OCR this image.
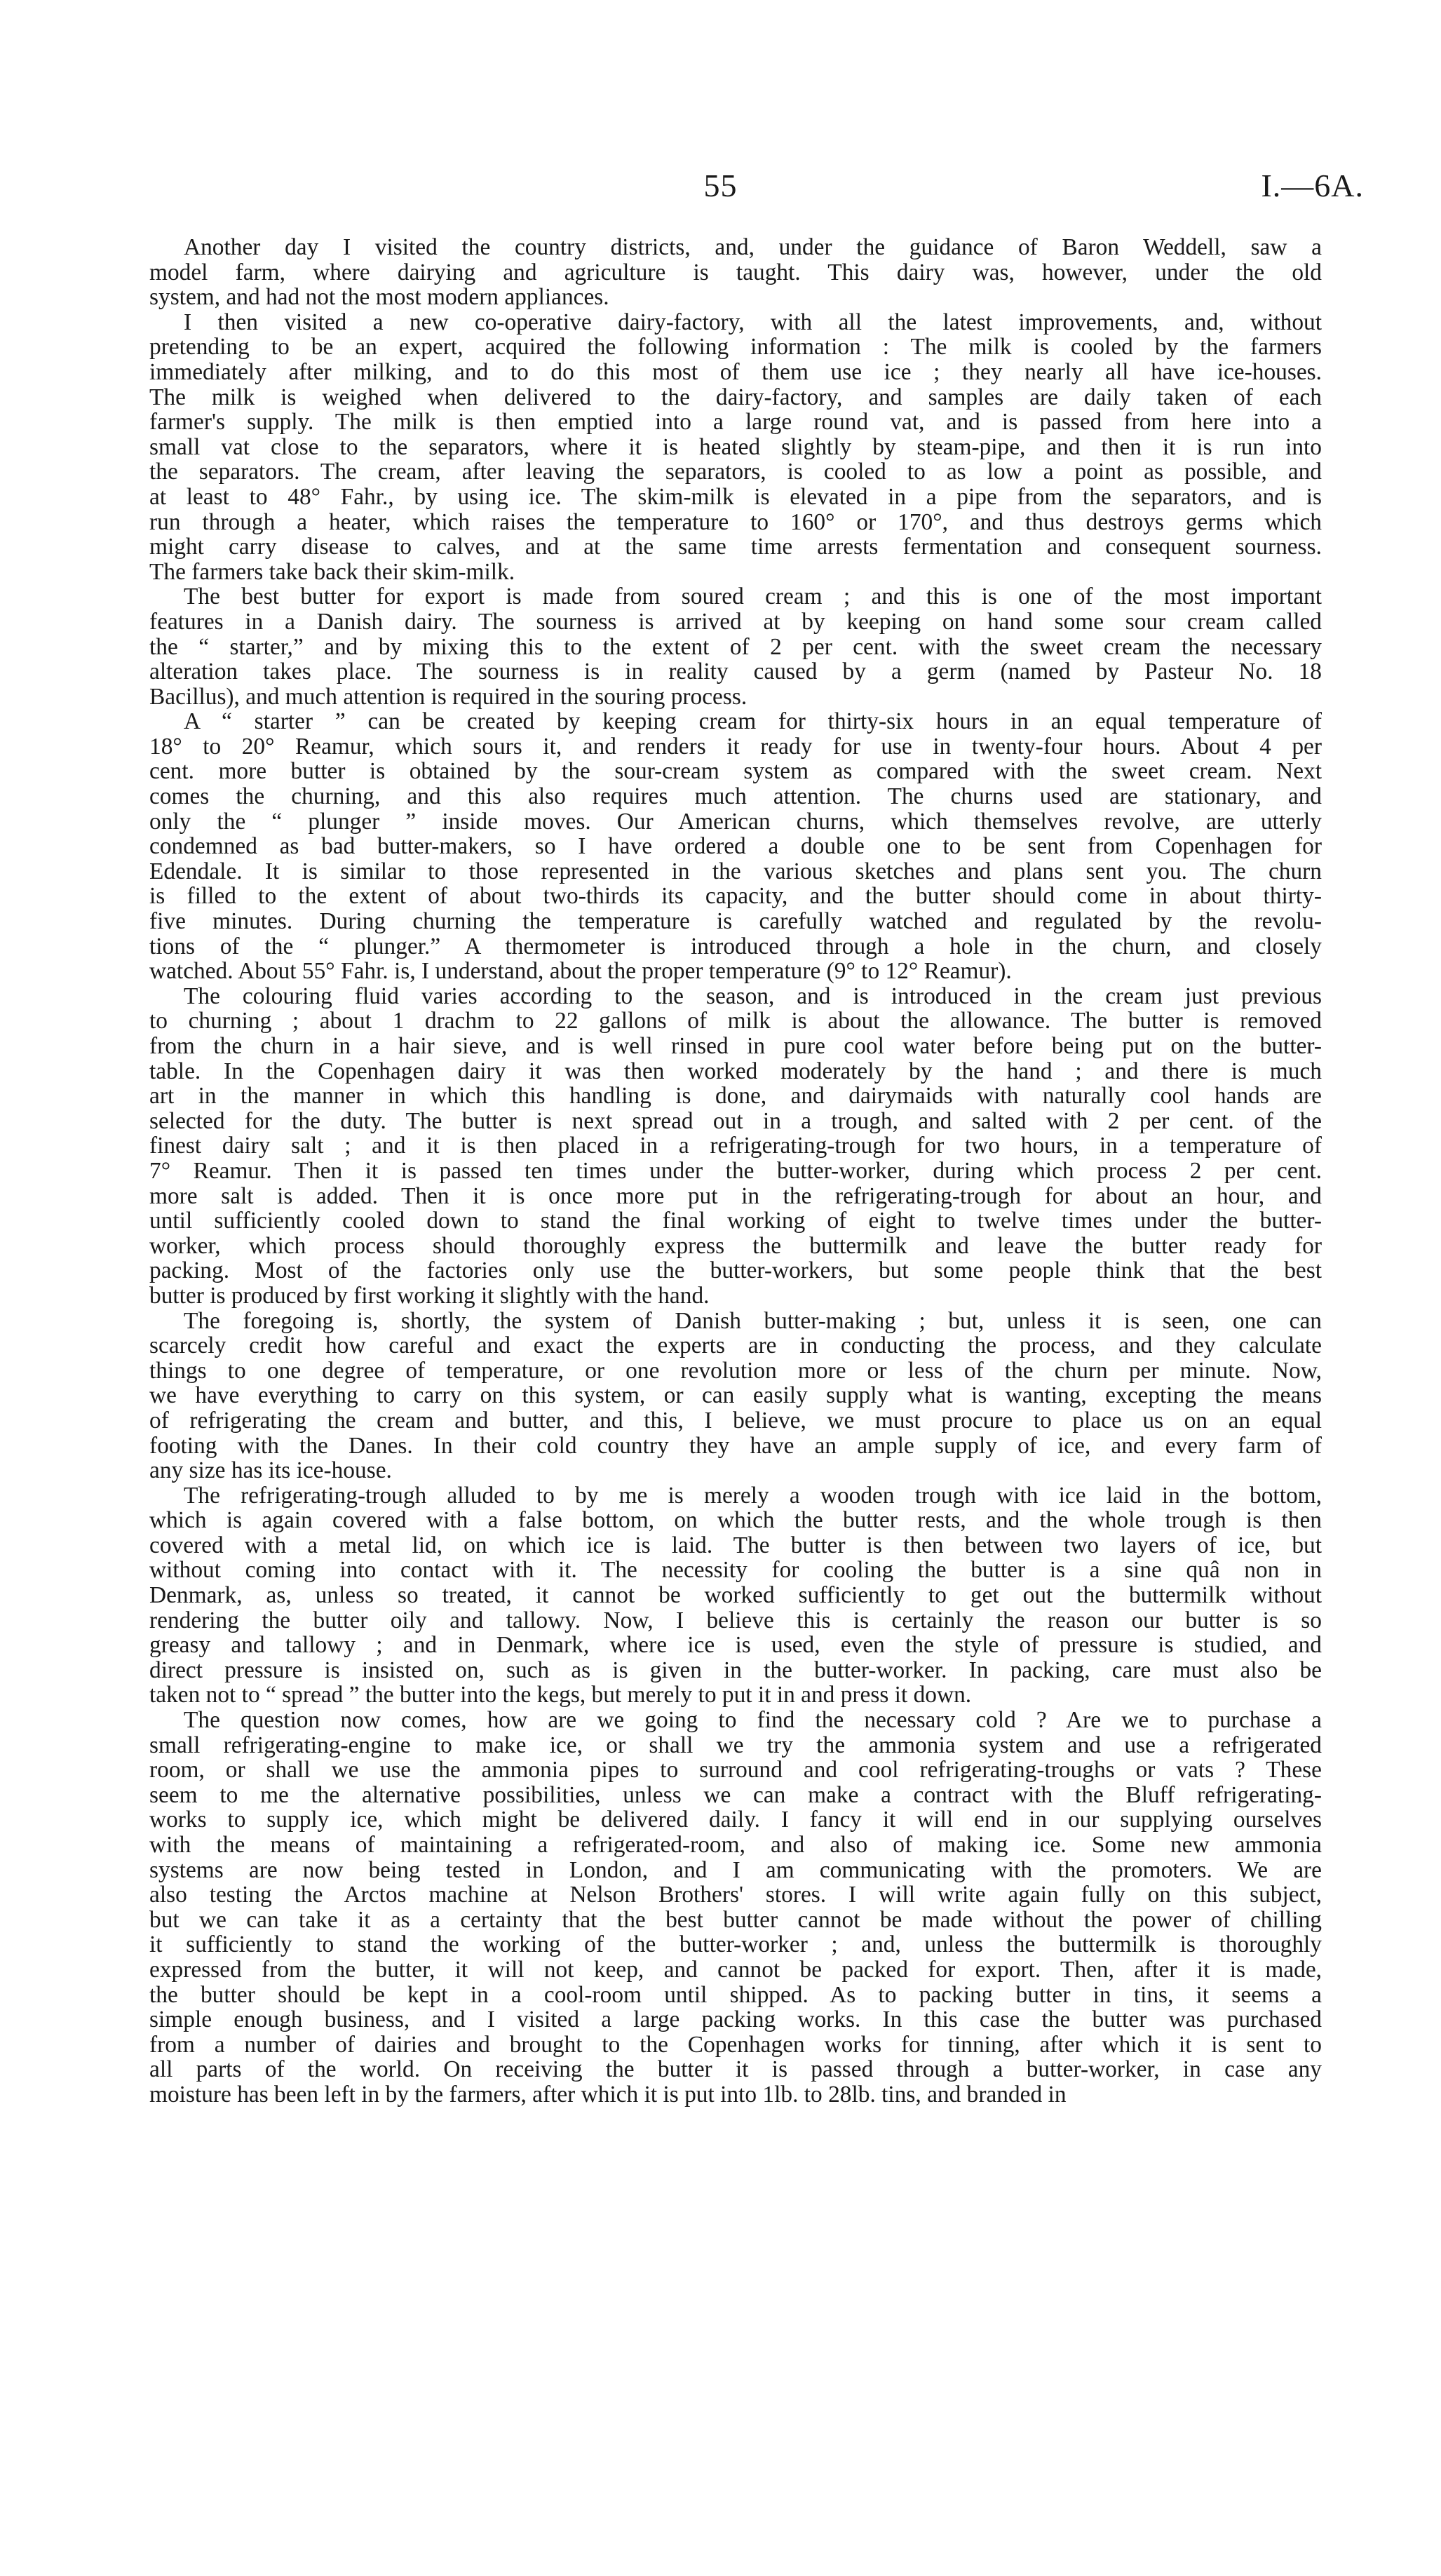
55	I.—6A.

Another day I visited the country districts, and, under the guidance of Baron Weddell, saw a
model farm, where dairying and agriculture is taught. This dairy was, however, under the old
system, and had not the most modern appliances.

I then visited a new co-operative dairy-factory, with all the latest improvements, and, without
pretending to be an expert, acquired the following information : The milk is cooled by the farmers
immediately after milking, and to do this most of them use ice ; they nearly all have ice-houses.
The milk is weighed when delivered to the dairy-factory, and samples are daily taken of each
farmer's supply. The milk is then emptied into a large round vat, and is passed from here into a
small vat close to the separators, where it is heated slightly by steam-pipe, and then it is run into
the separators. The cream, after leaving the separators, is cooled to as low a point as possible, and
at least to 48° Fahr., by using ice. The skim-milk is elevated in a pipe from the separators, and is
run through a heater, which raises the temperature to 160° or 170°, and thus destroys germs which
might carry disease to calves, and at the same time arrests fermentation and consequent sourness.
The farmers take back their skim-milk.

The best butter for export is made from soured cream ; and this is one of the most important
features in a Danish dairy. The sourness is arrived at by keeping on hand some sour cream called
the “ starter,” and by mixing this to the extent of 2 per cent. with the sweet cream the necessary
alteration takes place. The sourness is in reality caused by a germ (named by Pasteur No. 18
Bacillus), and much attention is required in the souring process.

A “ starter ” can be created by keeping cream for thirty-six hours in an equal temperature of
18° to 20° Reamur, which sours it, and renders it ready for use in twenty-four hours. About 4 per
cent. more butter is obtained by the sour-cream system as compared with the sweet cream. Next
comes the churning, and this also requires much attention. The churns used are stationary, and
only the “ plunger ” inside moves. Our American churns, which themselves revolve, are utterly
condemned as bad butter-makers, so I have ordered a double one to be sent from Copenhagen for
Edendale. It is similar to those represented in the various sketches and plans sent you. The churn
is filled to the extent of about two-thirds its capacity, and the butter should come in about thirty-
five minutes. During churning the temperature is carefully watched and regulated by the revolu-
tions of the “ plunger.” A thermometer is introduced through a hole in the churn, and closely
watched. About 55° Fahr. is, I understand, about the proper temperature (9° to 12° Reamur).

The colouring fluid varies according to the season, and is introduced in the cream just previous
to churning ; about 1 drachm to 22 gallons of milk is about the allowance. The butter is removed
from the churn in a hair sieve, and is well rinsed in pure cool water before being put on the butter-
table. In the Copenhagen dairy it was then worked moderately by the hand ; and there is much
art in the manner in which this handling is done, and dairymaids with naturally cool hands are
selected for the duty. The butter is next spread out in a trough, and salted with 2 per cent. of the
finest dairy salt ; and it is then placed in a refrigerating-trough for two hours, in a temperature of
7° Reamur. Then it is passed ten times under the butter-worker, during which process 2 per cent.
more salt is added. Then it is once more put in the refrigerating-trough for about an hour, and
until sufficiently cooled down to stand the final working of eight to twelve times under the butter-
worker, which process should thoroughly express the buttermilk and leave the butter ready for
packing. Most of the factories only use the butter-workers, but some people think that the best
butter is produced by first working it slightly with the hand.

The foregoing is, shortly, the system of Danish butter-making ; but, unless it is seen, one can
scarcely credit how careful and exact the experts are in conducting the process, and they calculate
things to one degree of temperature, or one revolution more or less of the churn per minute. Now,
we have everything to carry on this system, or can easily supply what is wanting, excepting the means
of refrigerating the cream and butter, and this, I believe, we must procure to place us on an equal
footing with the Danes. In their cold country they have an ample supply of ice, and every farm of
any size has its ice-house.

The refrigerating-trough alluded to by me is merely a wooden trough with ice laid in the bottom,
which is again covered with a false bottom, on which the butter rests, and the whole trough is then
covered with a metal lid, on which ice is laid. The butter is then between two layers of ice, but
without coming into contact with it. The necessity for cooling the butter is a sine quâ non in
Denmark, as, unless so treated, it cannot be worked sufficiently to get out the buttermilk without
rendering the butter oily and tallowy. Now, I believe this is certainly the reason our butter is so
greasy and tallowy ; and in Denmark, where ice is used, even the style of pressure is studied, and
direct pressure is insisted on, such as is given in the butter-worker. In packing, care must also be
taken not to “ spread ” the butter into the kegs, but merely to put it in and press it down.

The question now comes, how are we going to find the necessary cold ? Are we to purchase a
small refrigerating-engine to make ice, or shall we try the ammonia system and use a refrigerated
room, or shall we use the ammonia pipes to surround and cool refrigerating-troughs or vats ? These
seem to me the alternative possibilities, unless we can make a contract with the Bluff refrigerating-
works to supply ice, which might be delivered daily. I fancy it will end in our supplying ourselves
with the means of maintaining a refrigerated-room, and also of making ice. Some new ammonia
systems are now being tested in London, and I am communicating with the promoters. We are
also testing the Arctos machine at Nelson Brothers' stores. I will write again fully on this subject,
but we can take it as a certainty that the best butter cannot be made without the power of chilling
it sufficiently to stand the working of the butter-worker ; and, unless the buttermilk is thoroughly
expressed from the butter, it will not keep, and cannot be packed for export. Then, after it is made,
the butter should be kept in a cool-room until shipped. As to packing butter in tins, it seems a
simple enough business, and I visited a large packing works. In this case the butter was purchased
from a number of dairies and brought to the Copenhagen works for tinning, after which it is sent to
all parts of the world. On receiving the butter it is passed through a butter-worker, in case any
moisture has been left in by the farmers, after which it is put into 1lb. to 28lb. tins, and branded in
